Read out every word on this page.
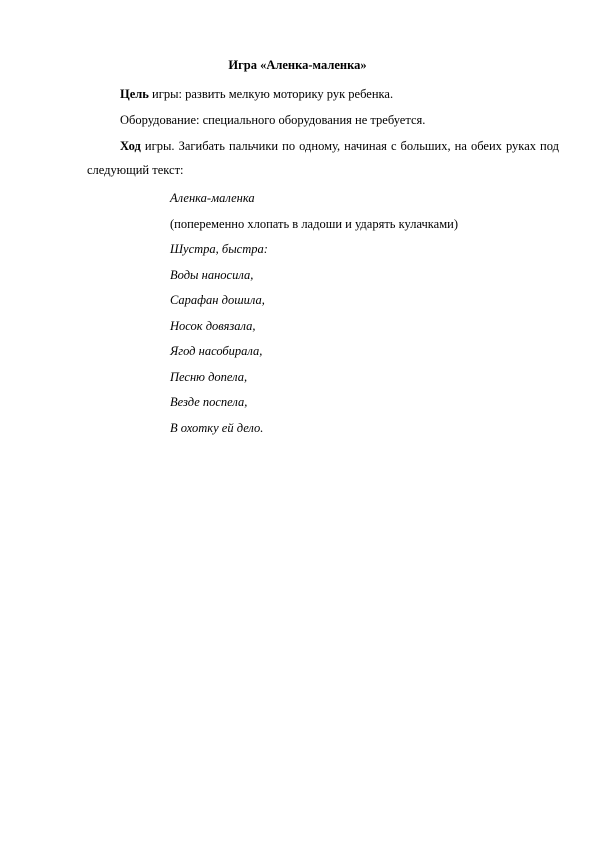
Игра «Аленка-маленка»

Цель игры: развить мелкую моторику рук ребенка.

Оборудование: специального оборудования не требуется.

Ход игры. Загибать пальчики по одному, начиная с больших, на обеих руках под следующий текст:

Аленка-маленка
(попеременно хлопать в ладоши и ударять кулачками)
Шустра, быстра:
Воды наносила,
Сарафан дошила,
Носок довязала,
Ягод насобирала,
Песню допела,
Везде поспела,
В охотку ей дело.
